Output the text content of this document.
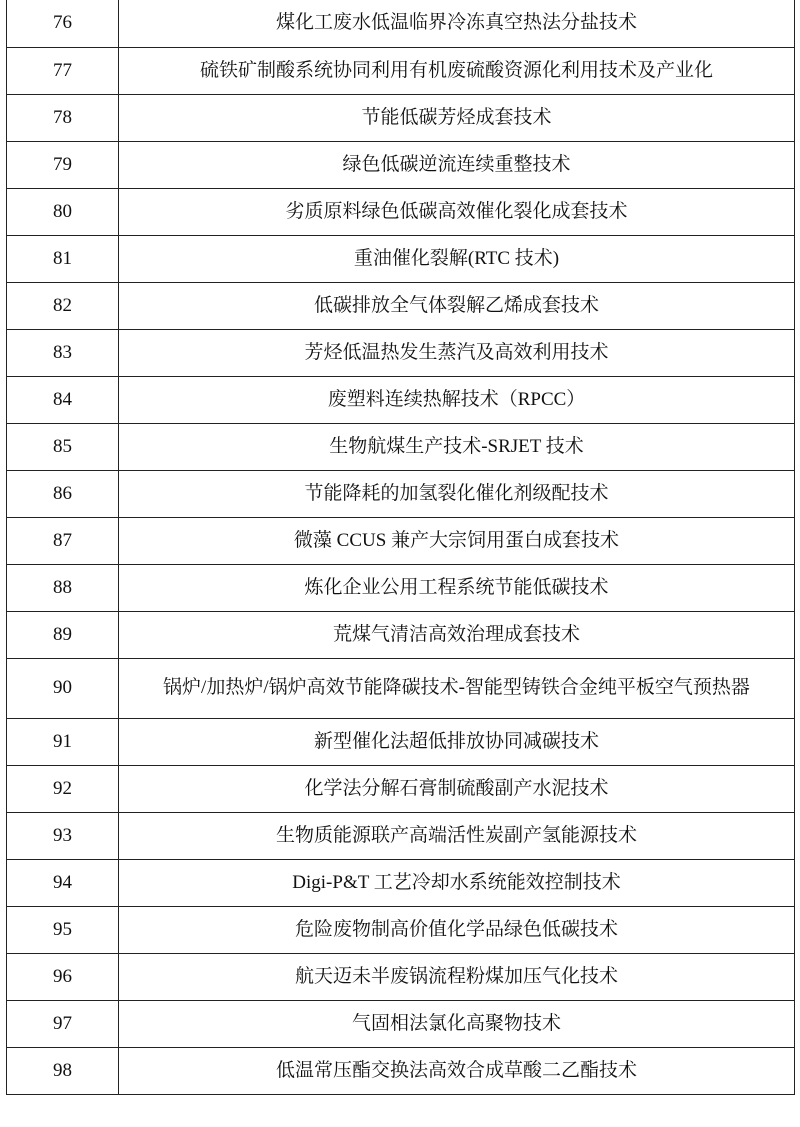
76	煤化工废水低温临界冷冻真空热法分盐技术
77	硫铁矿制酸系统协同利用有机废硫酸资源化利用技术及产业化
78	节能低碳芳烃成套技术
79	绿色低碳逆流连续重整技术
80	劣质原料绿色低碳高效催化裂化成套技术
81	重油催化裂解(RTC 技术)
82	低碳排放全气体裂解乙烯成套技术
83	芳烃低温热发生蒸汽及高效利用技术
84	废塑料连续热解技术（RPCC）
85	生物航煤生产技术-SRJET 技术
86	节能降耗的加氢裂化催化剂级配技术
87	微藻 CCUS 兼产大宗饲用蛋白成套技术
88	炼化企业公用工程系统节能低碳技术
89	荒煤气清洁高效治理成套技术
90	锅炉/加热炉/锅炉高效节能降碳技术-智能型铸铁合金纯平板空气预热器
91	新型催化法超低排放协同减碳技术
92	化学法分解石膏制硫酸副产水泥技术
93	生物质能源联产高端活性炭副产氢能源技术
94	Digi-P&T 工艺冷却水系统能效控制技术
95	危险废物制高价值化学品绿色低碳技术
96	航天迈未半废锅流程粉煤加压气化技术
97	气固相法氯化高聚物技术
98	低温常压酯交换法高效合成草酸二乙酯技术
